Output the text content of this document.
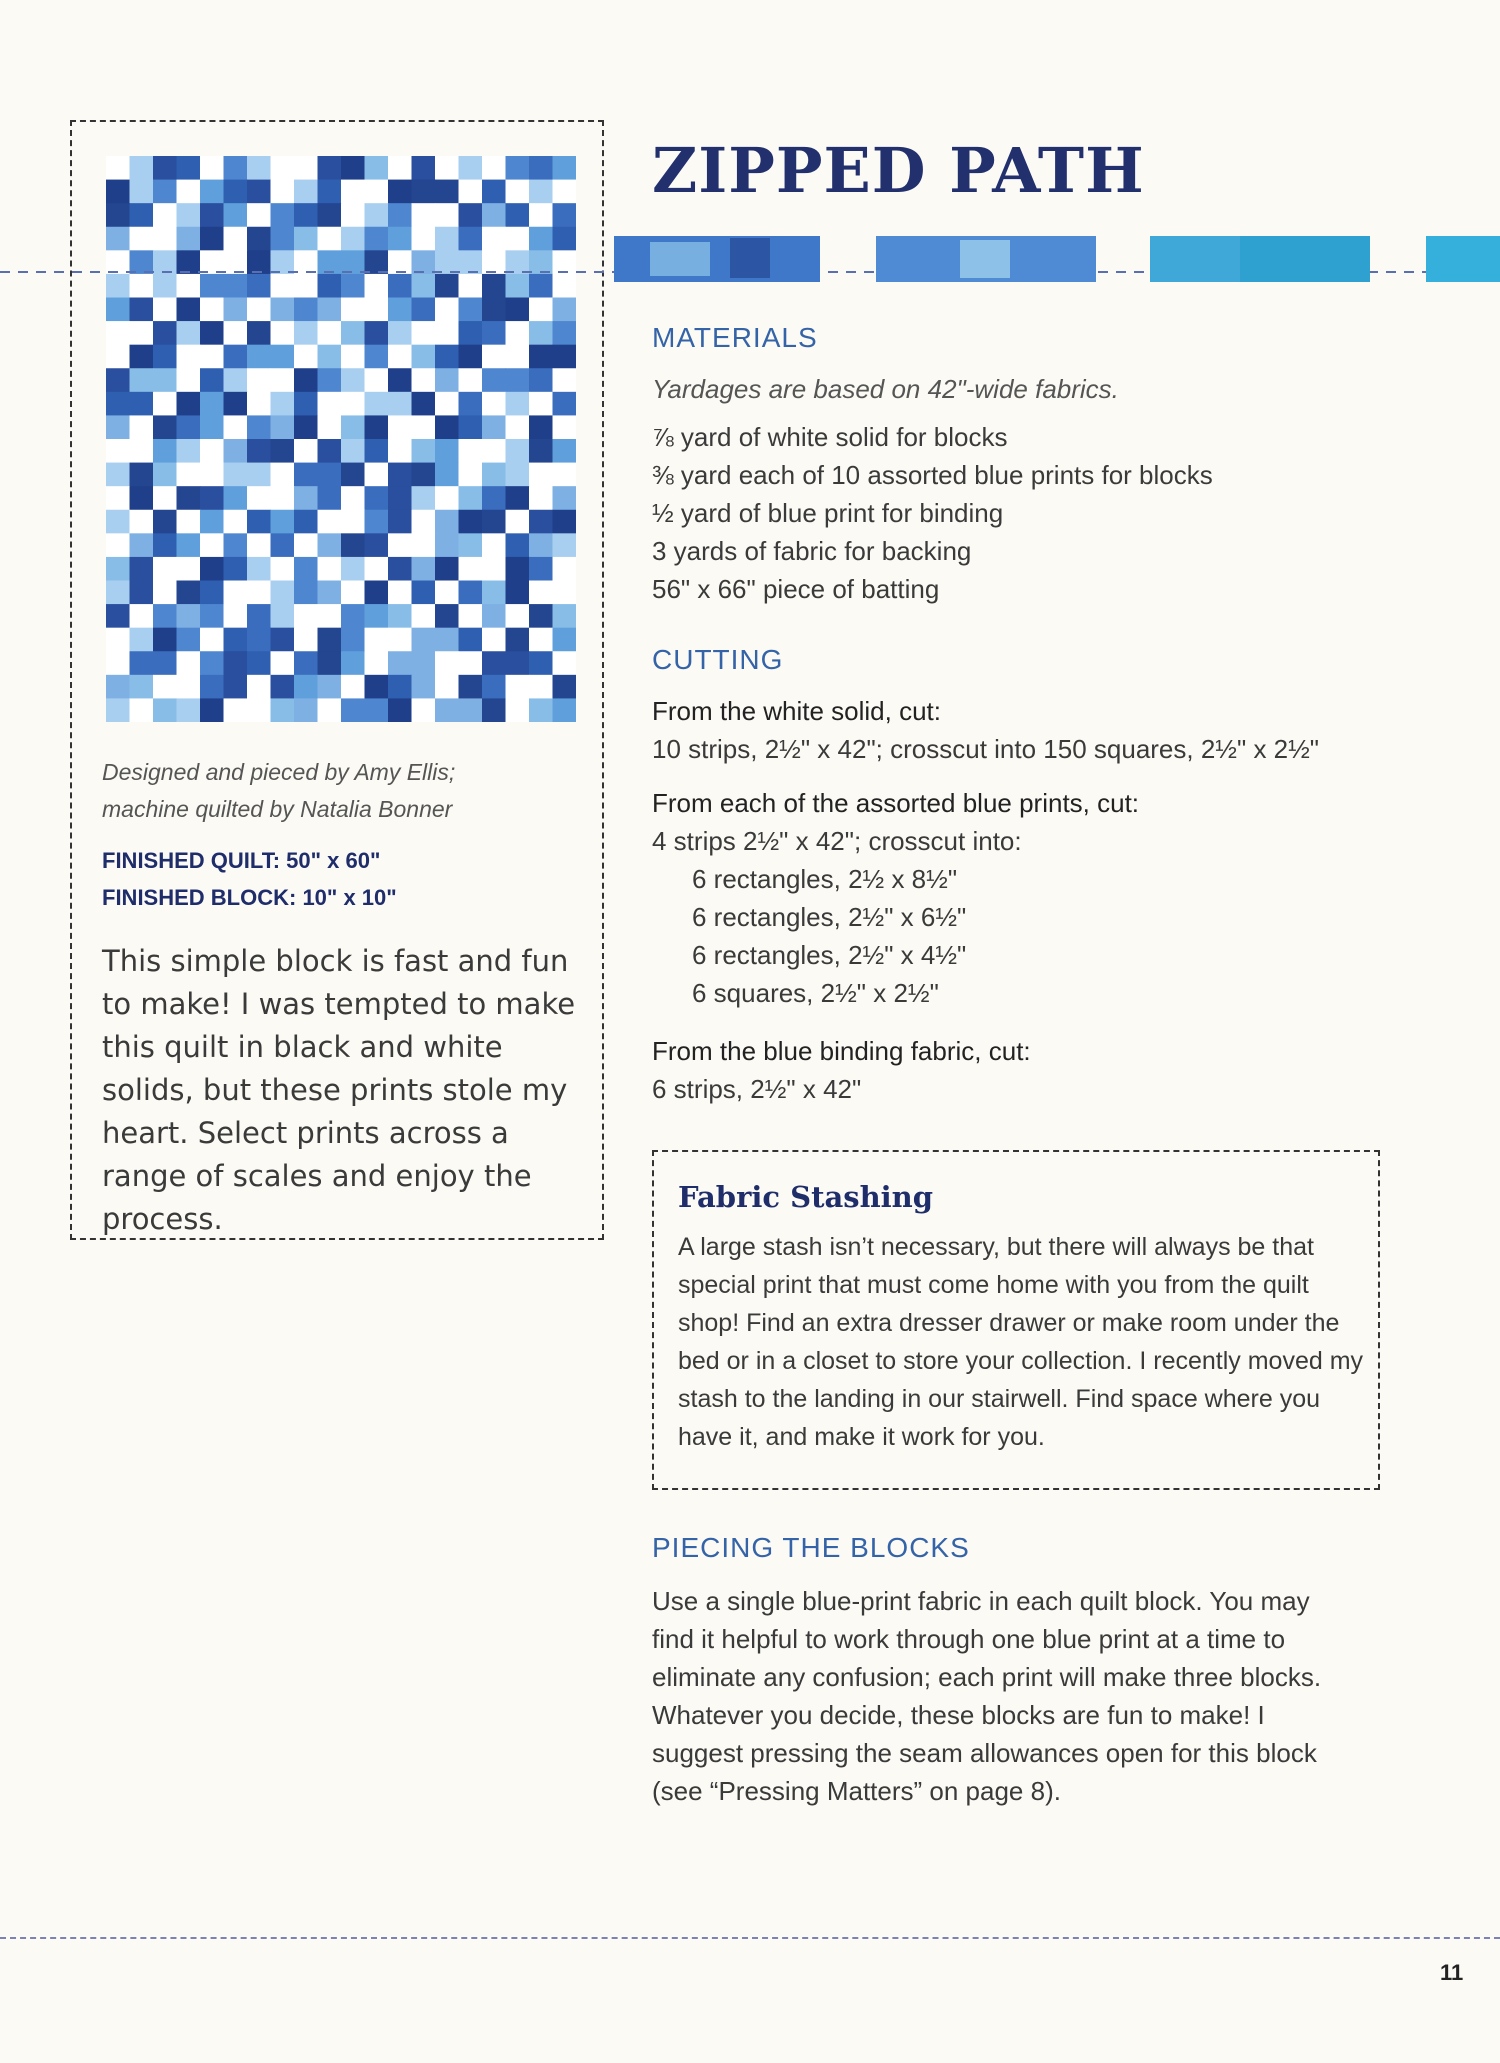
Designed and pieced by Amy Ellis;
machine quilted by Natalia Bonner
FINISHED QUILT: 50" x 60"
FINISHED BLOCK: 10" x 10"
This simple block is fast and fun to make! I was tempted to make this quilt in black and white solids, but these prints stole my heart. Select prints across a range of scales and enjoy the process.
ZIPPED PATH
MATERIALS
Yardages are based on 42"-wide fabrics.
⅞ yard of white solid for blocks
⅜ yard each of 10 assorted blue prints for blocks
½ yard of blue print for binding
3 yards of fabric for backing
56" x 66" piece of batting
CUTTING
From the white solid, cut:
10 strips, 2½" x 42"; crosscut into 150 squares, 2½" x 2½"
From each of the assorted blue prints, cut:
4 strips 2½" x 42"; crosscut into:
6 rectangles, 2½ x 8½"
6 rectangles, 2½" x 6½"
6 rectangles, 2½" x 4½"
6 squares, 2½" x 2½"
From the blue binding fabric, cut:
6 strips, 2½" x 42"
Fabric Stashing
A large stash isn’t necessary, but there will always be that special print that must come home with you from the quilt shop! Find an extra dresser drawer or make room under the bed or in a closet to store your collection. I recently moved my stash to the landing in our stairwell. Find space where you have it, and make it work for you.
PIECING THE BLOCKS
Use a single blue-print fabric in each quilt block. You may find it helpful to work through one blue print at a time to eliminate any confusion; each print will make three blocks. Whatever you decide, these blocks are fun to make! I suggest pressing the seam allowances open for this block (see “Pressing Matters” on page 8).
11
